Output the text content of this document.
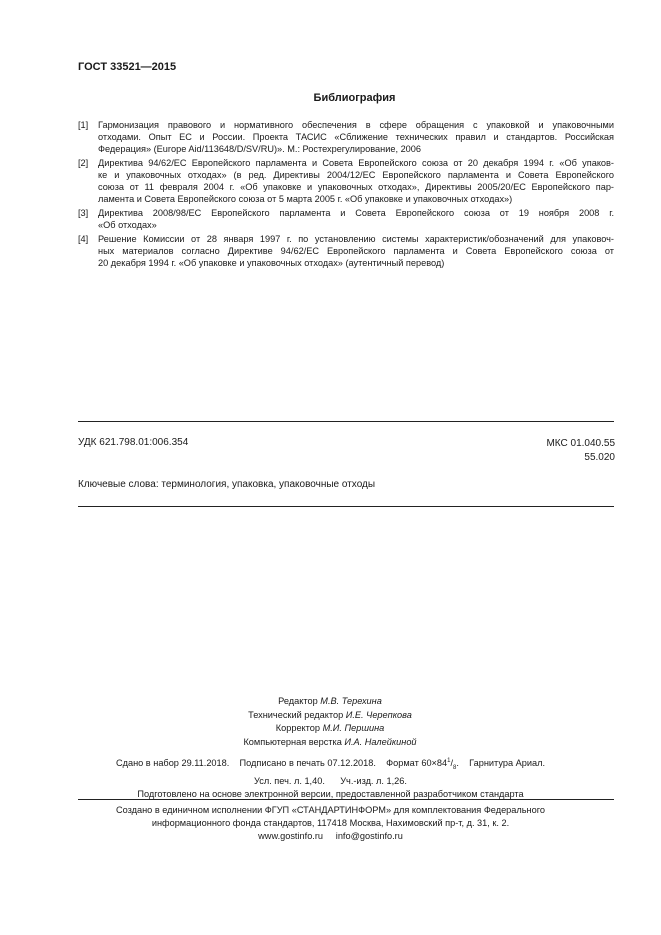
ГОСТ 33521—2015
Библиография
[1]	Гармонизация правового и нормативного обеспечения в сфере обращения с упаковкой и упаковочными
отходами. Опыт ЕС и России. Проекта ТАСИС «Сближение технических правил и стандартов. Российская
Федерация» (Europe Aid/113648/D/SV/RU)». М.: Ростехрегулирование, 2006
[2]	Директива 94/62/ЕС Европейского парламента и Совета Европейского союза от 20 декабря 1994 г. «Об упаков-
ке и упаковочных отходах» (в ред. Директивы 2004/12/ЕС Европейского парламента и Совета Европейского
союза от 11 февраля 2004 г. «Об упаковке и упаковочных отходах», Директивы 2005/20/ЕС Европейского пар-
ламента и Совета Европейского союза от 5 марта 2005 г. «Об упаковке и упаковочных отходах»)
[3]	Директива 2008/98/ЕС Европейского парламента и Совета Европейского союза от 19 ноября 2008 г.
«Об отходах»
[4]	Решение Комиссии от 28 января 1997 г. по установлению системы характеристик/обозначений для упаковоч-
ных материалов согласно Директиве 94/62/ЕС Европейского парламента и Совета Европейского союза от
20 декабря 1994 г. «Об упаковке и упаковочных отходах» (аутентичный перевод)
УДК 621.798.01:006.354	МКС 01.040.55
55.020
Ключевые слова: терминология, упаковка, упаковочные отходы
Редактор М.В. Терехина
Технический редактор И.Е. Черепкова
Корректор М.И. Першина
Компьютерная верстка И.А. Налейкиной
Сдано в набор 29.11.2018.    Подписано в печать 07.12.2018.    Формат $60\times 84^1/_8$.    Гарнитура Ариал.
Усл. печ. л. 1,40.      Уч.-изд. л. 1,26.
Подготовлено на основе электронной версии, предоставленной разработчиком стандарта
Создано в единичном исполнении ФГУП «СТАНДАРТИНФОРМ» для комплектования Федерального
информационного фонда стандартов, 117418 Москва, Нахимовский пр-т, д. 31, к. 2.
www.gostinfo.ru     info@gostinfo.ru
